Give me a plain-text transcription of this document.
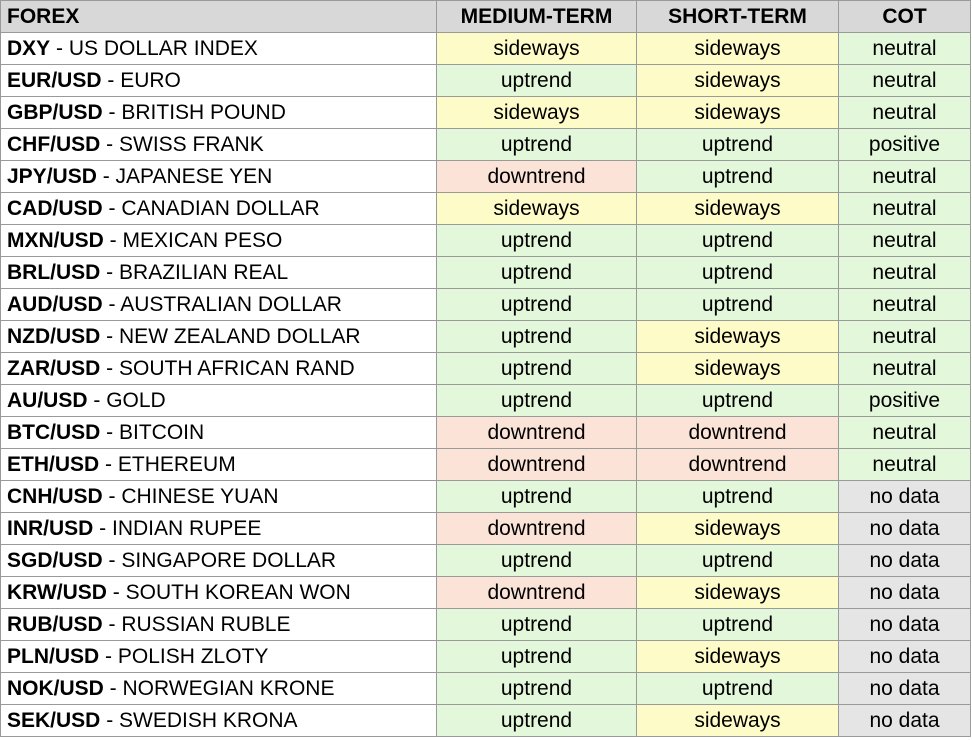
FOREX	MEDIUM-TERM	SHORT-TERM	COT
DXY - US DOLLAR INDEX	sideways	sideways	neutral
EUR/USD - EURO	uptrend	sideways	neutral
GBP/USD - BRITISH POUND	sideways	sideways	neutral
CHF/USD - SWISS FRANK	uptrend	uptrend	positive
JPY/USD - JAPANESE YEN	downtrend	uptrend	neutral
CAD/USD - CANADIAN DOLLAR	sideways	sideways	neutral
MXN/USD - MEXICAN PESO	uptrend	uptrend	neutral
BRL/USD - BRAZILIAN REAL	uptrend	uptrend	neutral
AUD/USD - AUSTRALIAN DOLLAR	uptrend	uptrend	neutral
NZD/USD - NEW ZEALAND DOLLAR	uptrend	sideways	neutral
ZAR/USD - SOUTH AFRICAN RAND	uptrend	sideways	neutral
AU/USD - GOLD	uptrend	uptrend	positive
BTC/USD - BITCOIN	downtrend	downtrend	neutral
ETH/USD - ETHEREUM	downtrend	downtrend	neutral
CNH/USD - CHINESE YUAN	uptrend	uptrend	no data
INR/USD - INDIAN RUPEE	downtrend	sideways	no data
SGD/USD - SINGAPORE DOLLAR	uptrend	uptrend	no data
KRW/USD - SOUTH KOREAN WON	downtrend	sideways	no data
RUB/USD - RUSSIAN RUBLE	uptrend	uptrend	no data
PLN/USD - POLISH ZLOTY	uptrend	sideways	no data
NOK/USD - NORWEGIAN KRONE	uptrend	uptrend	no data
SEK/USD - SWEDISH KRONA	uptrend	sideways	no data
